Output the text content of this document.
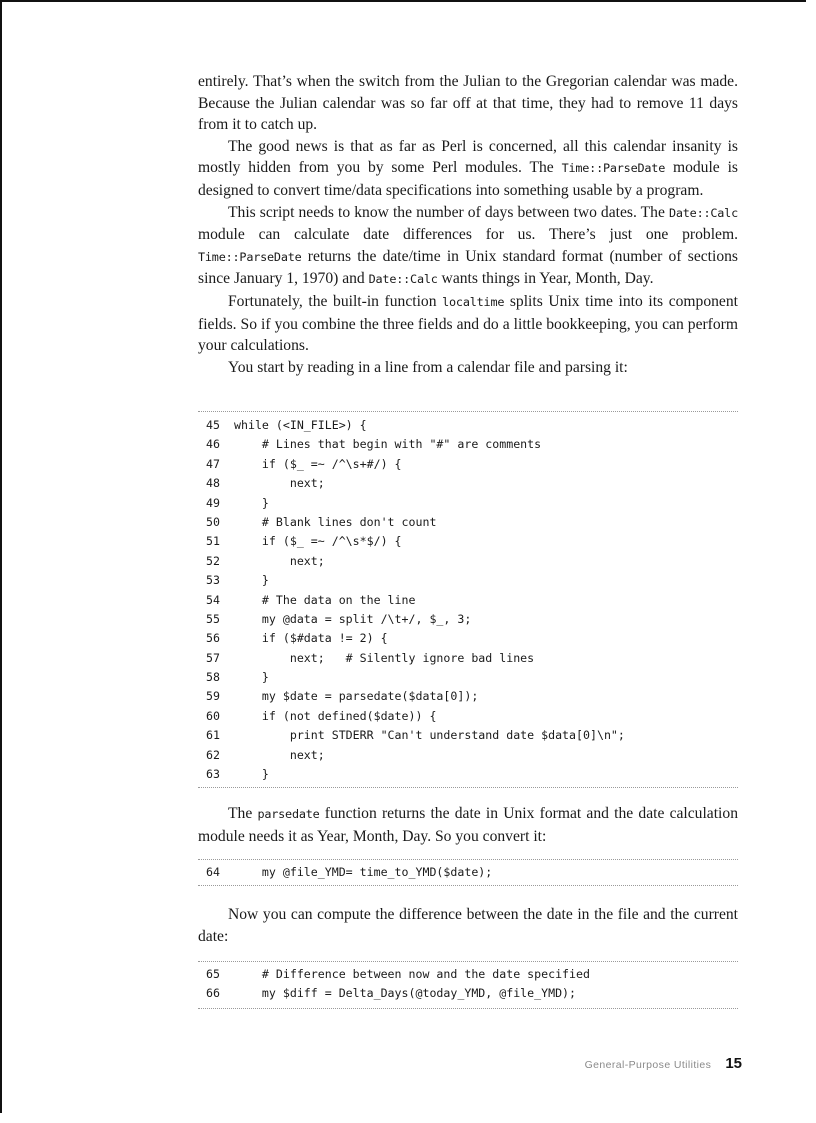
entirely. That’s when the switch from the Julian to the Gregorian calendar was made. Because the Julian calendar was so far off at that time, they had to remove 11 days from it to catch up.

The good news is that as far as Perl is concerned, all this calendar insanity is mostly hidden from you by some Perl modules. The Time::ParseDate module is designed to convert time/data specifications into something usable by a program.

This script needs to know the number of days between two dates. The Date::Calc module can calculate date differences for us. There’s just one problem. Time::ParseDate returns the date/time in Unix standard format (number of sections since January 1, 1970) and Date::Calc wants things in Year, Month, Day.

Fortunately, the built-in function localtime splits Unix time into its component fields. So if you combine the three fields and do a little bookkeeping, you can perform your calculations.

You start by reading in a line from a calendar file and parsing it:

45 while (<IN_FILE>) {
46    # Lines that begin with "#" are comments
47    if ($_ =~ /^\s+#/) {
48        next;
49    }
50    # Blank lines don't count
51    if ($_ =~ /^\s*$/) {
52        next;
53    }
54    # The data on the line
55    my @data = split /\t+/, $_, 3;
56    if ($#data != 2) {
57        next;   # Silently ignore bad lines
58    }
59    my $date = parsedate($data[0]);
60    if (not defined($date)) {
61        print STDERR "Can't understand date $data[0]\n";
62        next;
63    }

The parsedate function returns the date in Unix format and the date calculation module needs it as Year, Month, Day. So you convert it:

64    my @file_YMD= time_to_YMD($date);

Now you can compute the difference between the date in the file and the current date:

65    # Difference between now and the date specified
66    my $diff = Delta_Days(@today_YMD, @file_YMD);
General-Purpose Utilities 15
